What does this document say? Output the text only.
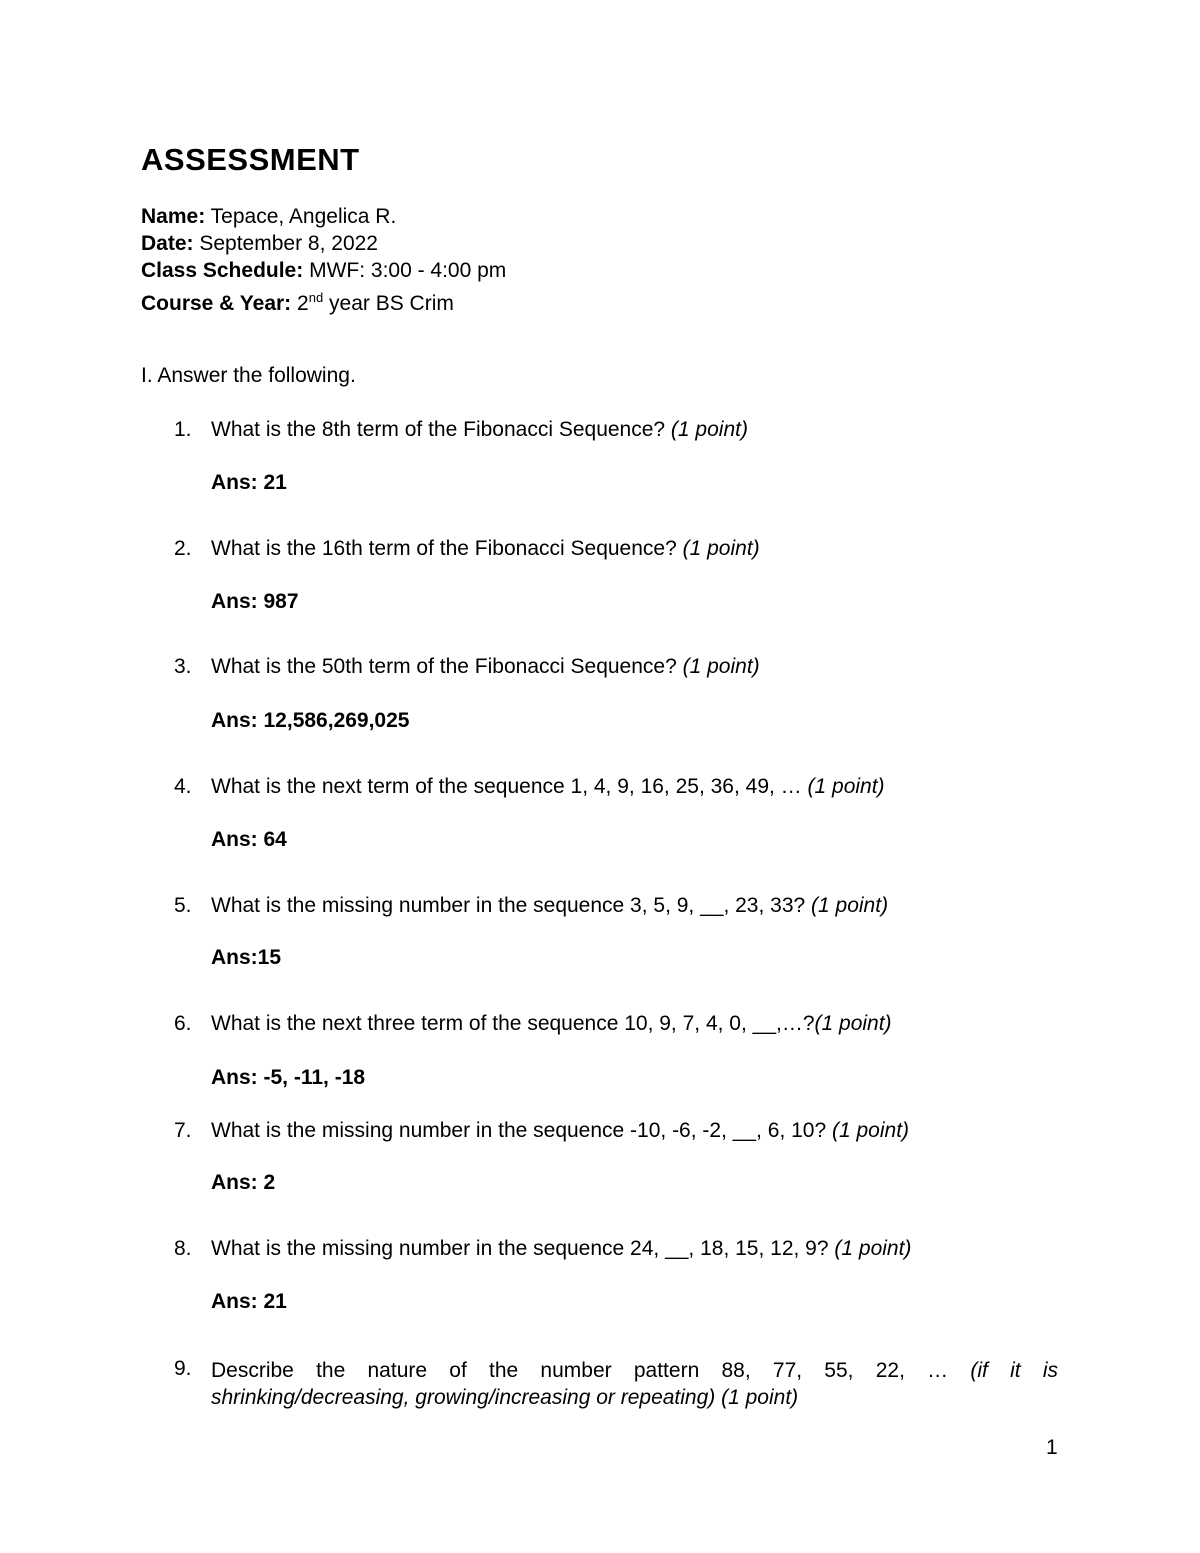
ASSESSMENT
Name: Tepace, Angelica R.
Date: September 8, 2022
Class Schedule: MWF: 3:00 - 4:00 pm
Course & Year: 2nd year BS Crim
I. Answer the following.
1. What is the 8th term of the Fibonacci Sequence? (1 point)
Ans: 21
2. What is the 16th term of the Fibonacci Sequence? (1 point)
Ans: 987
3. What is the 50th term of the Fibonacci Sequence? (1 point)
Ans: 12,586,269,025
4. What is the next term of the sequence 1, 4, 9, 16, 25, 36, 49, … (1 point)
Ans: 64
5. What is the missing number in the sequence 3, 5, 9, __, 23, 33? (1 point)
Ans:15
6. What is the next three term of the sequence 10, 9, 7, 4, 0, __,…?(1 point)
Ans: -5, -11, -18
7. What is the missing number in the sequence -10, -6, -2, __, 6, 10? (1 point)
Ans: 2
8. What is the missing number in the sequence 24, __, 18, 15, 12, 9? (1 point)
Ans: 21
9. Describe the nature of the number pattern 88, 77, 55, 22, … (if it is
shrinking/decreasing, growing/increasing or repeating) (1 point)
1
